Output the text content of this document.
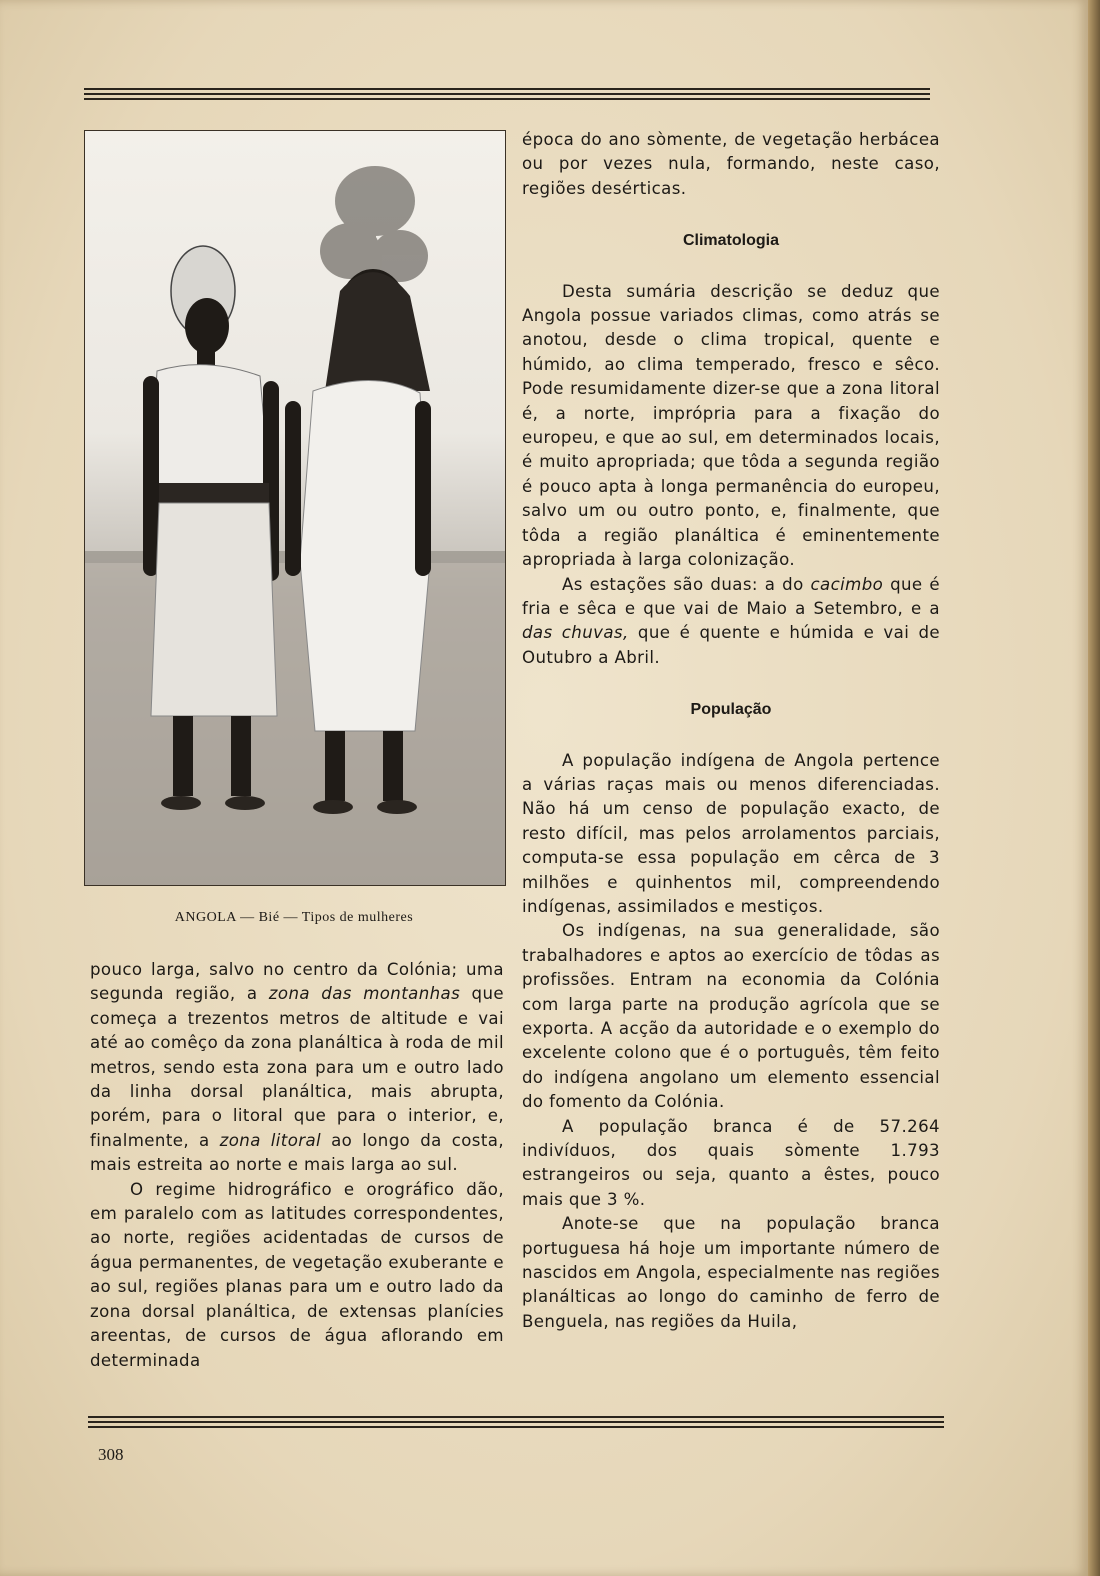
ANGOLA — Bié — Tipos de mulheres

pouco larga, salvo no centro da Colónia; uma segunda região, a zona das montanhas que começa a trezentos metros de altitude e vai até ao comêço da zona planáltica à roda de mil metros, sendo esta zona para um e outro lado da linha dorsal planáltica, mais abrupta, porém, para o litoral que para o interior, e, finalmente, a zona litoral ao longo da costa, mais estreita ao norte e mais larga ao sul.

O regime hidrográfico e orográfico dão, em paralelo com as latitudes correspondentes, ao norte, regiões acidentadas de cursos de água permanentes, de vegetação exuberante e ao sul, regiões planas para um e outro lado da zona dorsal planáltica, de extensas planícies areentas, de cursos de água aflorando em determinada

época do ano sòmente, de vegetação herbácea ou por vezes nula, formando, neste caso, regiões desérticas.

Climatologia

Desta sumária descrição se deduz que Angola possue variados climas, como atrás se anotou, desde o clima tropical, quente e húmido, ao clima temperado, fresco e sêco. Pode resumidamente dizer-se que a zona litoral é, a norte, imprópria para a fixação do europeu, e que ao sul, em determinados locais, é muito apropriada; que tôda a segunda região é pouco apta à longa permanência do europeu, salvo um ou outro ponto, e, finalmente, que tôda a região planáltica é eminentemente apropriada à larga colonização.

As estações são duas: a do cacimbo que é fria e sêca e que vai de Maio a Setembro, e a das chuvas, que é quente e húmida e vai de Outubro a Abril.

População

A população indígena de Angola pertence a várias raças mais ou menos diferenciadas. Não há um censo de população exacto, de resto difícil, mas pelos arrolamentos parciais, computa-se essa população em cêrca de 3 milhões e quinhentos mil, compreendendo indígenas, assimilados e mestiços.

Os indígenas, na sua generalidade, são trabalhadores e aptos ao exercício de tôdas as profissões. Entram na economia da Colónia com larga parte na produção agrícola que se exporta. A acção da autoridade e o exemplo do excelente colono que é o português, têm feito do indígena angolano um elemento essencial do fomento da Colónia.

A população branca é de 57.264 indivíduos, dos quais sòmente 1.793 estrangeiros ou seja, quanto a êstes, pouco mais que 3 %.

Anote-se que na população branca portuguesa há hoje um importante número de nascidos em Angola, especialmente nas regiões planálticas ao longo do caminho de ferro de Benguela, nas regiões da Huila,

308
